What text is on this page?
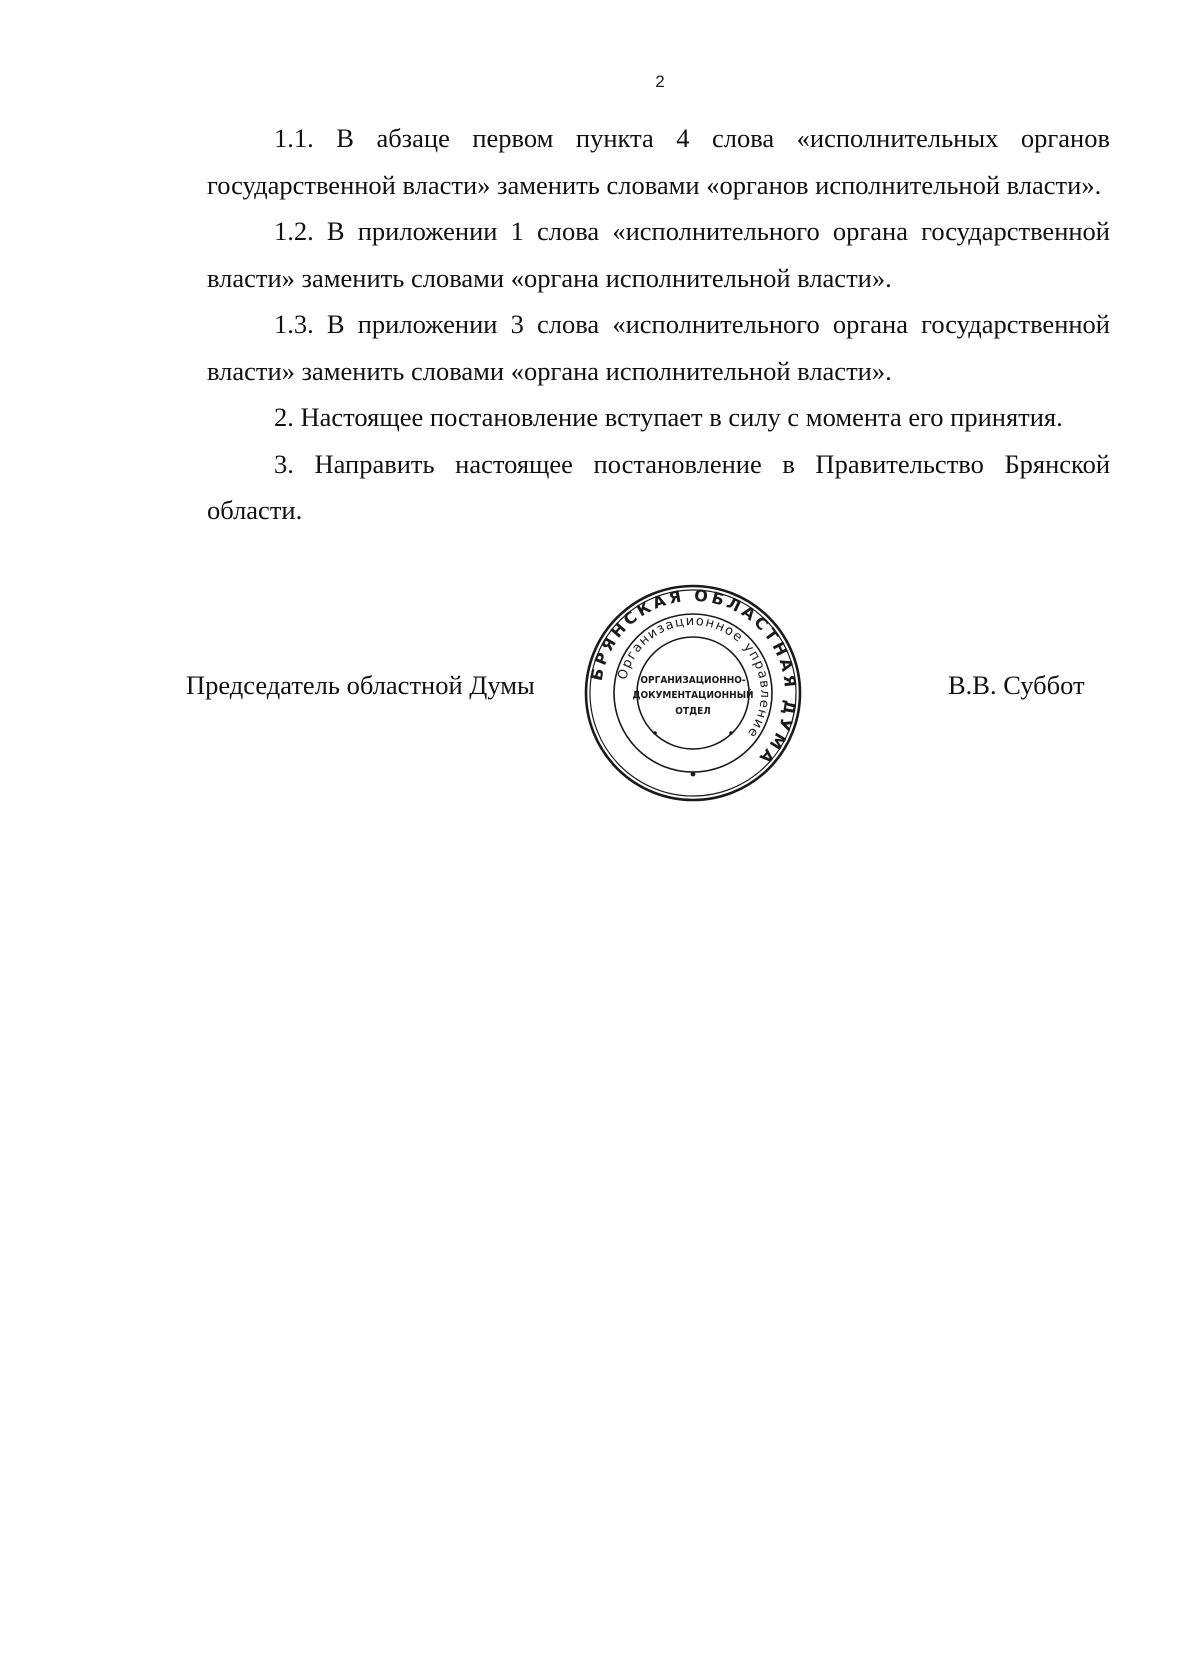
2

1.1. В абзаце первом пункта 4 слова «исполнительных органов государственной власти» заменить словами «органов исполнительной власти».

1.2. В приложении 1 слова «исполнительного органа государственной власти» заменить словами «органа исполнительной власти».

1.3. В приложении 3 слова «исполнительного органа государственной власти» заменить словами «органа исполнительной власти».

2. Настоящее постановление вступает в силу с момента его принятия.

3. Направить настоящее постановление в Правительство Брянской области.

Председатель областной Думы	В.В. Суббот
БРЯНСКАЯ ОБЛАСТНАЯ ДУМА
Организационное управление
ОРГАНИЗАЦИОННО-
ДОКУМЕНТАЦИОННЫЙ
ОТДЕЛ
